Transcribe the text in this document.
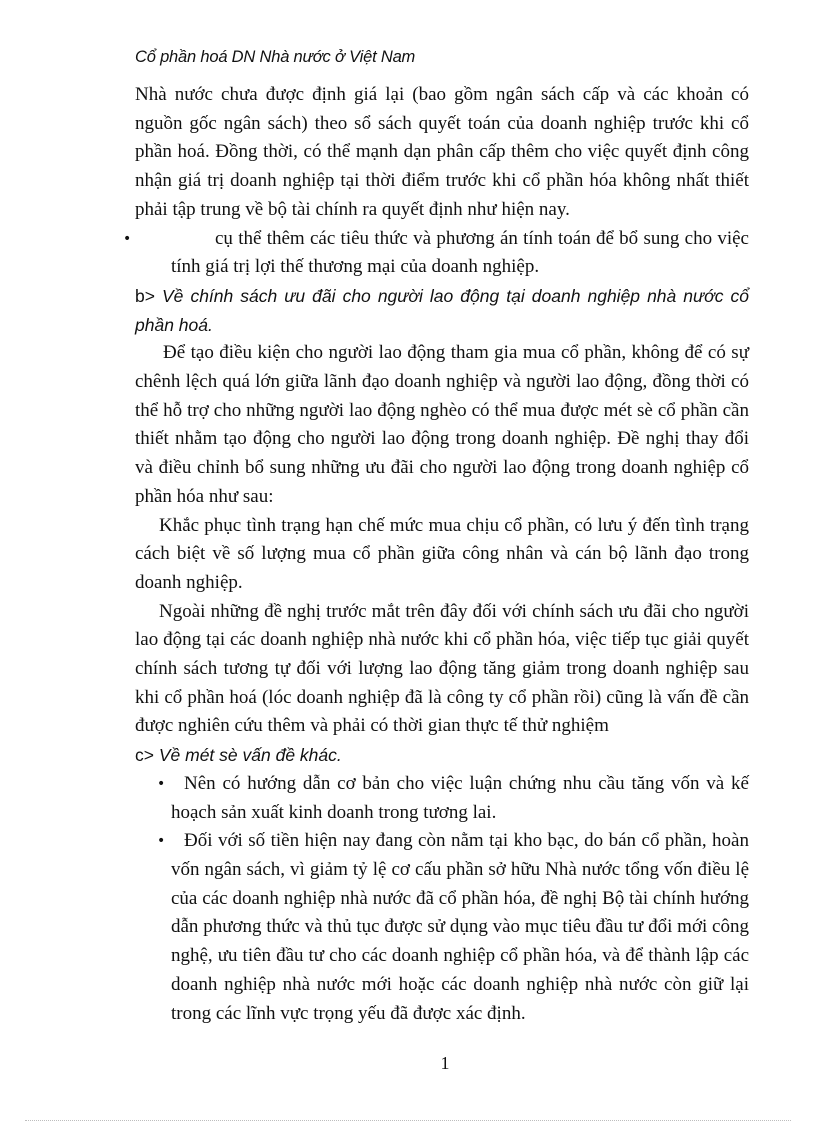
Cổ phần hoá DN Nhà nước ở Việt Nam

Nhà nước chưa được định giá lại (bao gồm ngân sách cấp và các khoản có nguồn gốc ngân sách) theo sổ sách quyết toán của doanh nghiệp trước khi cổ phần hoá. Đồng thời, có thể mạnh dạn phân cấp thêm cho việc quyết định công nhận giá trị doanh nghiệp tại thời điểm trước khi cổ phần hóa không nhất thiết phải tập trung về bộ tài chính ra quyết định như hiện nay.

•	cụ thể thêm các tiêu thức và phương án tính toán để bổ sung cho việc tính giá trị lợi thế thương mại của doanh nghiệp.

b> Về chính sách ưu đãi cho người lao động tại doanh nghiệp nhà nước cổ phần hoá.

Để tạo điều kiện cho người lao động tham gia mua cổ phần, không để có sự chênh lệch quá lớn giữa lãnh đạo doanh nghiệp và người lao động, đồng thời có thể hỗ trợ cho những người lao động nghèo có thể mua được mét sè cổ phần cần thiết nhằm tạo động cho người lao động trong doanh nghiệp. Đề nghị thay đổi và điều chỉnh bổ sung những ưu đãi cho người lao động trong doanh nghiệp cổ phần hóa như sau:

Khắc phục tình trạng hạn chế mức mua chịu cổ phần, có lưu ý đến tình trạng cách biệt về số lượng mua cổ phần giữa công nhân và cán bộ lãnh đạo trong doanh nghiệp.

Ngoài những đề nghị trước mắt trên đây đối với chính sách ưu đãi cho người lao động tại các doanh nghiệp nhà nước khi cổ phần hóa, việc tiếp tục giải quyết chính sách tương tự đối với lượng lao động tăng giảm trong doanh nghiệp sau khi cổ phần hoá (lóc doanh nghiệp đã là công ty cổ phần rồi) cũng là vấn đề cần được nghiên cứu thêm và phải có thời gian thực tế thử nghiệm

c> Về mét sè vấn đề khác.

• Nên có hướng dẫn cơ bản cho việc luận chứng nhu cầu tăng vốn và kế hoạch sản xuất kinh doanh trong tương lai.

• Đối với số tiền hiện nay đang còn nằm tại kho bạc, do bán cổ phần, hoàn vốn ngân sách, vì giảm tỷ lệ cơ cấu phần sở hữu Nhà nước tổng vốn điều lệ của các doanh nghiệp nhà nước đã cổ phần hóa, đề nghị Bộ tài chính hướng dẫn phương thức và thủ tục được sử dụng vào mục tiêu đầu tư đổi mới công nghệ, ưu tiên đầu tư cho các doanh nghiệp cổ phần hóa, và để thành lập các doanh nghiệp nhà nước mới hoặc các doanh nghiệp nhà nước còn giữ lại trong các lĩnh vực trọng yếu đã được xác định.

1
